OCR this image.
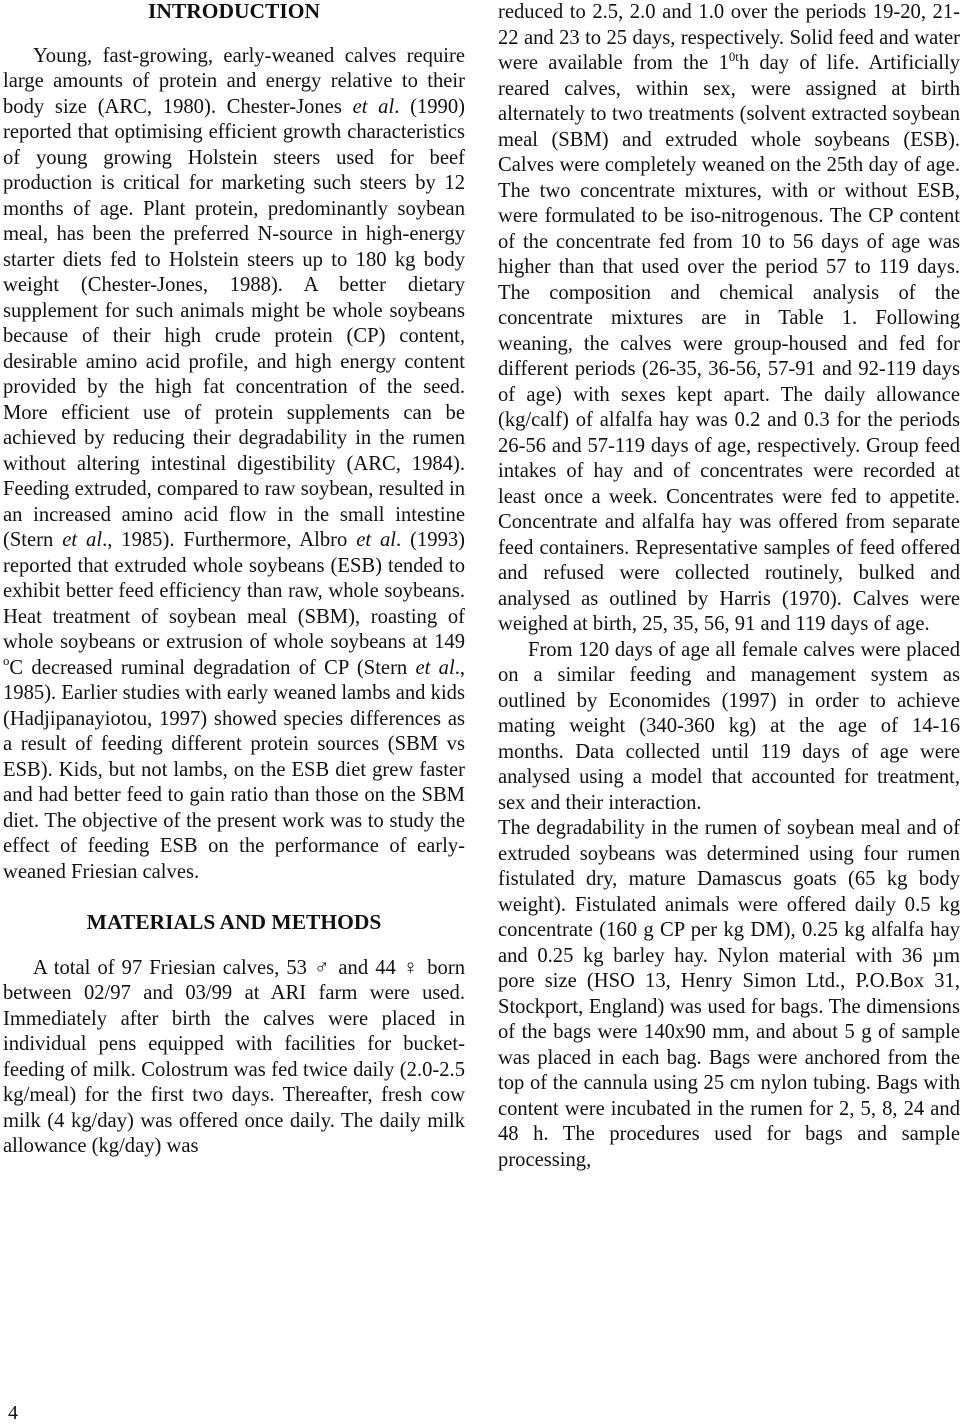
INTRODUCTION

Young, fast-growing, early-weaned calves require large amounts of protein and energy relative to their body size (ARC, 1980). Chester-Jones et al. (1990) reported that optimising efficient growth characteristics of young growing Holstein steers used for beef production is critical for marketing such steers by 12 months of age. Plant protein, predominantly soybean meal, has been the preferred N-source in high-energy starter diets fed to Holstein steers up to 180 kg body weight (Chester-Jones, 1988). A better dietary supplement for such animals might be whole soybeans because of their high crude protein (CP) content, desirable amino acid profile, and high energy content provided by the high fat concentration of the seed. More efficient use of protein supplements can be achieved by reducing their degradability in the rumen without altering intestinal digestibility (ARC, 1984). Feeding extruded, compared to raw soybean, resulted in an increased amino acid flow in the small intestine (Stern et al., 1985). Furthermore, Albro et al. (1993) reported that extruded whole soybeans (ESB) tended to exhibit better feed efficiency than raw, whole soybeans. Heat treatment of soybean meal (SBM), roasting of whole soybeans or extrusion of whole soybeans at 149 $^o$C decreased ruminal degradation of CP (Stern et al., 1985). Earlier studies with early weaned lambs and kids (Hadjipanayiotou, 1997) showed species differences as a result of feeding different protein sources (SBM vs ESB). Kids, but not lambs, on the ESB diet grew faster and had better feed to gain ratio than those on the SBM diet. The objective of the present work was to study the effect of feeding ESB on the performance of early-weaned Friesian calves.

MATERIALS AND METHODS

A total of 97 Friesian calves, 53 ♂ and 44 ♀ born between 02/97 and 03/99 at ARI farm were used. Immediately after birth the calves were placed in individual pens equipped with facilities for bucket-feeding of milk. Colostrum was fed twice daily (2.0-2.5 kg/meal) for the first two days. Thereafter, fresh cow milk (4 kg/day) was offered once daily. The daily milk allowance (kg/day) was

reduced to 2.5, 2.0 and 1.0 over the periods 19-20, 21-22 and 23 to 25 days, respectively. Solid feed and water were available from the $1^{0t}h$ day of life. Artificially reared calves, within sex, were assigned at birth alternately to two treatments (solvent extracted soybean meal (SBM) and extruded whole soybeans (ESB). Calves were completely weaned on the 25th day of age. The two concentrate mixtures, with or without ESB, were formulated to be iso-nitrogenous. The CP content of the concentrate fed from 10 to 56 days of age was higher than that used over the period 57 to 119 days. The composition and chemical analysis of the concentrate mixtures are in Table 1. Following weaning, the calves were group-housed and fed for different periods (26-35, 36-56, 57-91 and 92-119 days of age) with sexes kept apart. The daily allowance (kg/calf) of alfalfa hay was 0.2 and 0.3 for the periods 26-56 and 57-119 days of age, respectively. Group feed intakes of hay and of concentrates were recorded at least once a week. Concentrates were fed to appetite. Concentrate and alfalfa hay was offered from separate feed containers. Representative samples of feed offered and refused were collected routinely, bulked and analysed as outlined by Harris (1970). Calves were weighed at birth, 25, 35, 56, 91 and 119 days of age.

From 120 days of age all female calves were placed on a similar feeding and management system as outlined by Economides (1997) in order to achieve mating weight (340-360 kg) at the age of 14-16 months. Data collected until 119 days of age were analysed using a model that accounted for treatment, sex and their interaction.

The degradability in the rumen of soybean meal and of extruded soybeans was determined using four rumen fistulated dry, mature Damascus goats (65 kg body weight). Fistulated animals were offered daily 0.5 kg concentrate (160 g CP per kg DM), 0.25 kg alfalfa hay and 0.25 kg barley hay. Nylon material with 36 µm pore size (HSO 13, Henry Simon Ltd., P.O.Box 31, Stockport, England) was used for bags. The dimensions of the bags were 140x90 mm, and about 5 g of sample was placed in each bag. Bags were anchored from the top of the cannula using 25 cm nylon tubing. Bags with content were incubated in the rumen for 2, 5, 8, 24 and 48 h. The procedures used for bags and sample processing,

4
